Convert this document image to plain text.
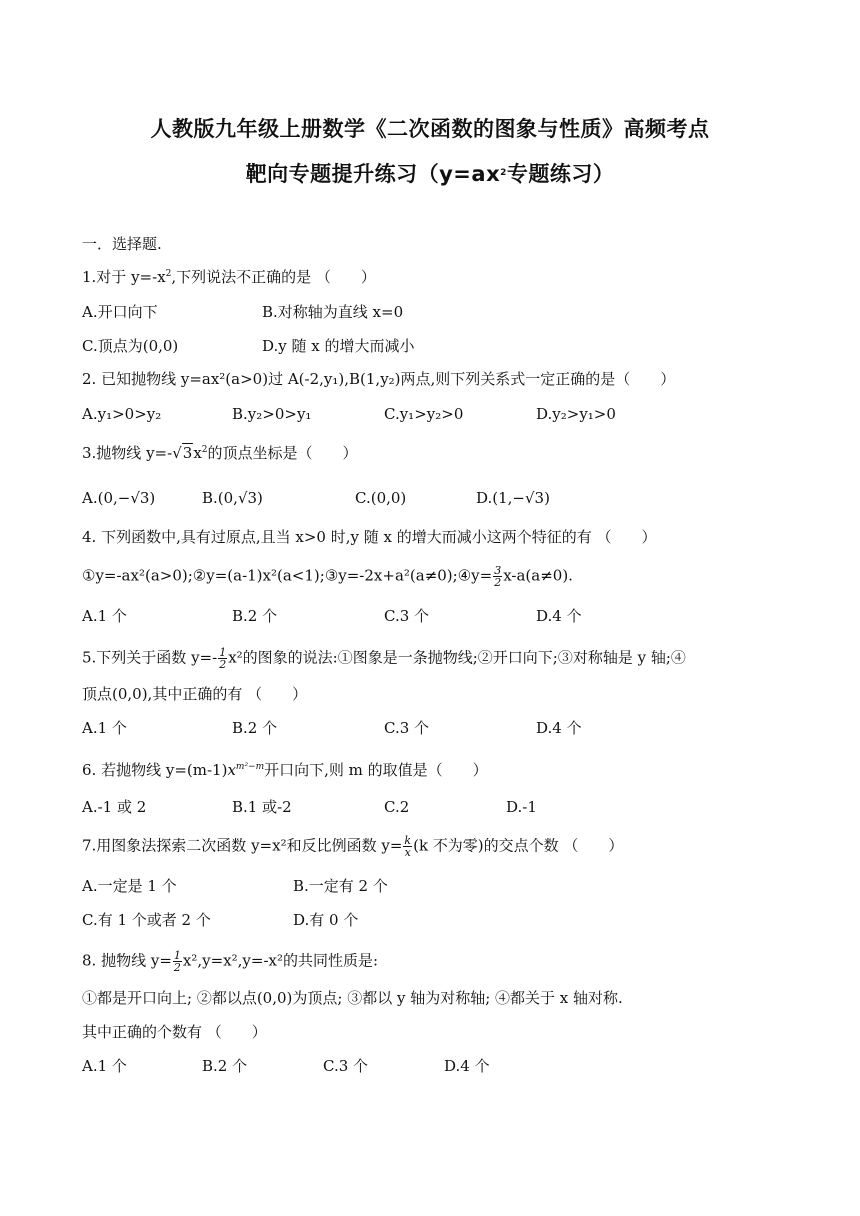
人教版九年级上册数学《二次函数的图象与性质》高频考点
靶向专题提升练习（$y=ax^2$专题练习）
一．选择题.
1.对于 $y=-x^2$,下列说法不正确的是 （　　）
A.开口向下	B.对称轴为直线 x=0
C.顶点为(0,0)	D.y 随 x 的增大而减小
2. 已知抛物线 y=ax²(a>0)过 A(-2,y₁),B(1,y₂)两点,则下列关系式一定正确的是（　　）
A.y₁>0>y₂	B.y₂>0>y₁	C.y₁>y₂>0	D.y₂>y₁>0
3.抛物线 $y=-√3x^2$的顶点坐标是（　　）
A.(0,−√3)	B.(0,√3)	C.(0,0)	D.(1,−√3)
4. 下列函数中,具有过原点,且当 x>0 时,y 随 x 的增大而减小这两个特征的有 （　　）
①y=-ax²(a>0);②y=(a-1)x²(a<1);③y=-2x+a²(a≠0);④y= $\frac{3}{2} x-a(a\ne 0)$.
A.1 个	B.2 个	C.3 个	D.4 个
5.下列关于函数 $y=- \frac{1}{2} x^2$的图象的说法:①图象是一条抛物线;②开口向下;③对称轴是 y 轴;④
顶点(0,0),其中正确的有 （　　）
A.1 个	B.2 个	C.3 个	D.4 个
6. 若抛物线 $y=(m-1)x^{m^2-m}$开口向下,则 m 的取值是（　　）
A.-1 或 2	B.1 或-2	C.2	D.-1
7.用图象法探索二次函数 y=x²和反比例函数 $y= \frac{k}{x} (k$ 不为零)的交点个数 （　　）
A.一定是 1 个	B.一定有 2 个
C.有 1 个或者 2 个	D.有 0 个
8. 抛物线 $y= \frac{1}{2} x^2,y=x^2,y=-x^2$的共同性质是:
①都是开口向上; ②都以点(0,0)为顶点; ③都以 y 轴为对称轴; ④都关于 x 轴对称.
其中正确的个数有 （　　）
A.1 个	B.2 个	C.3 个	D.4 个
